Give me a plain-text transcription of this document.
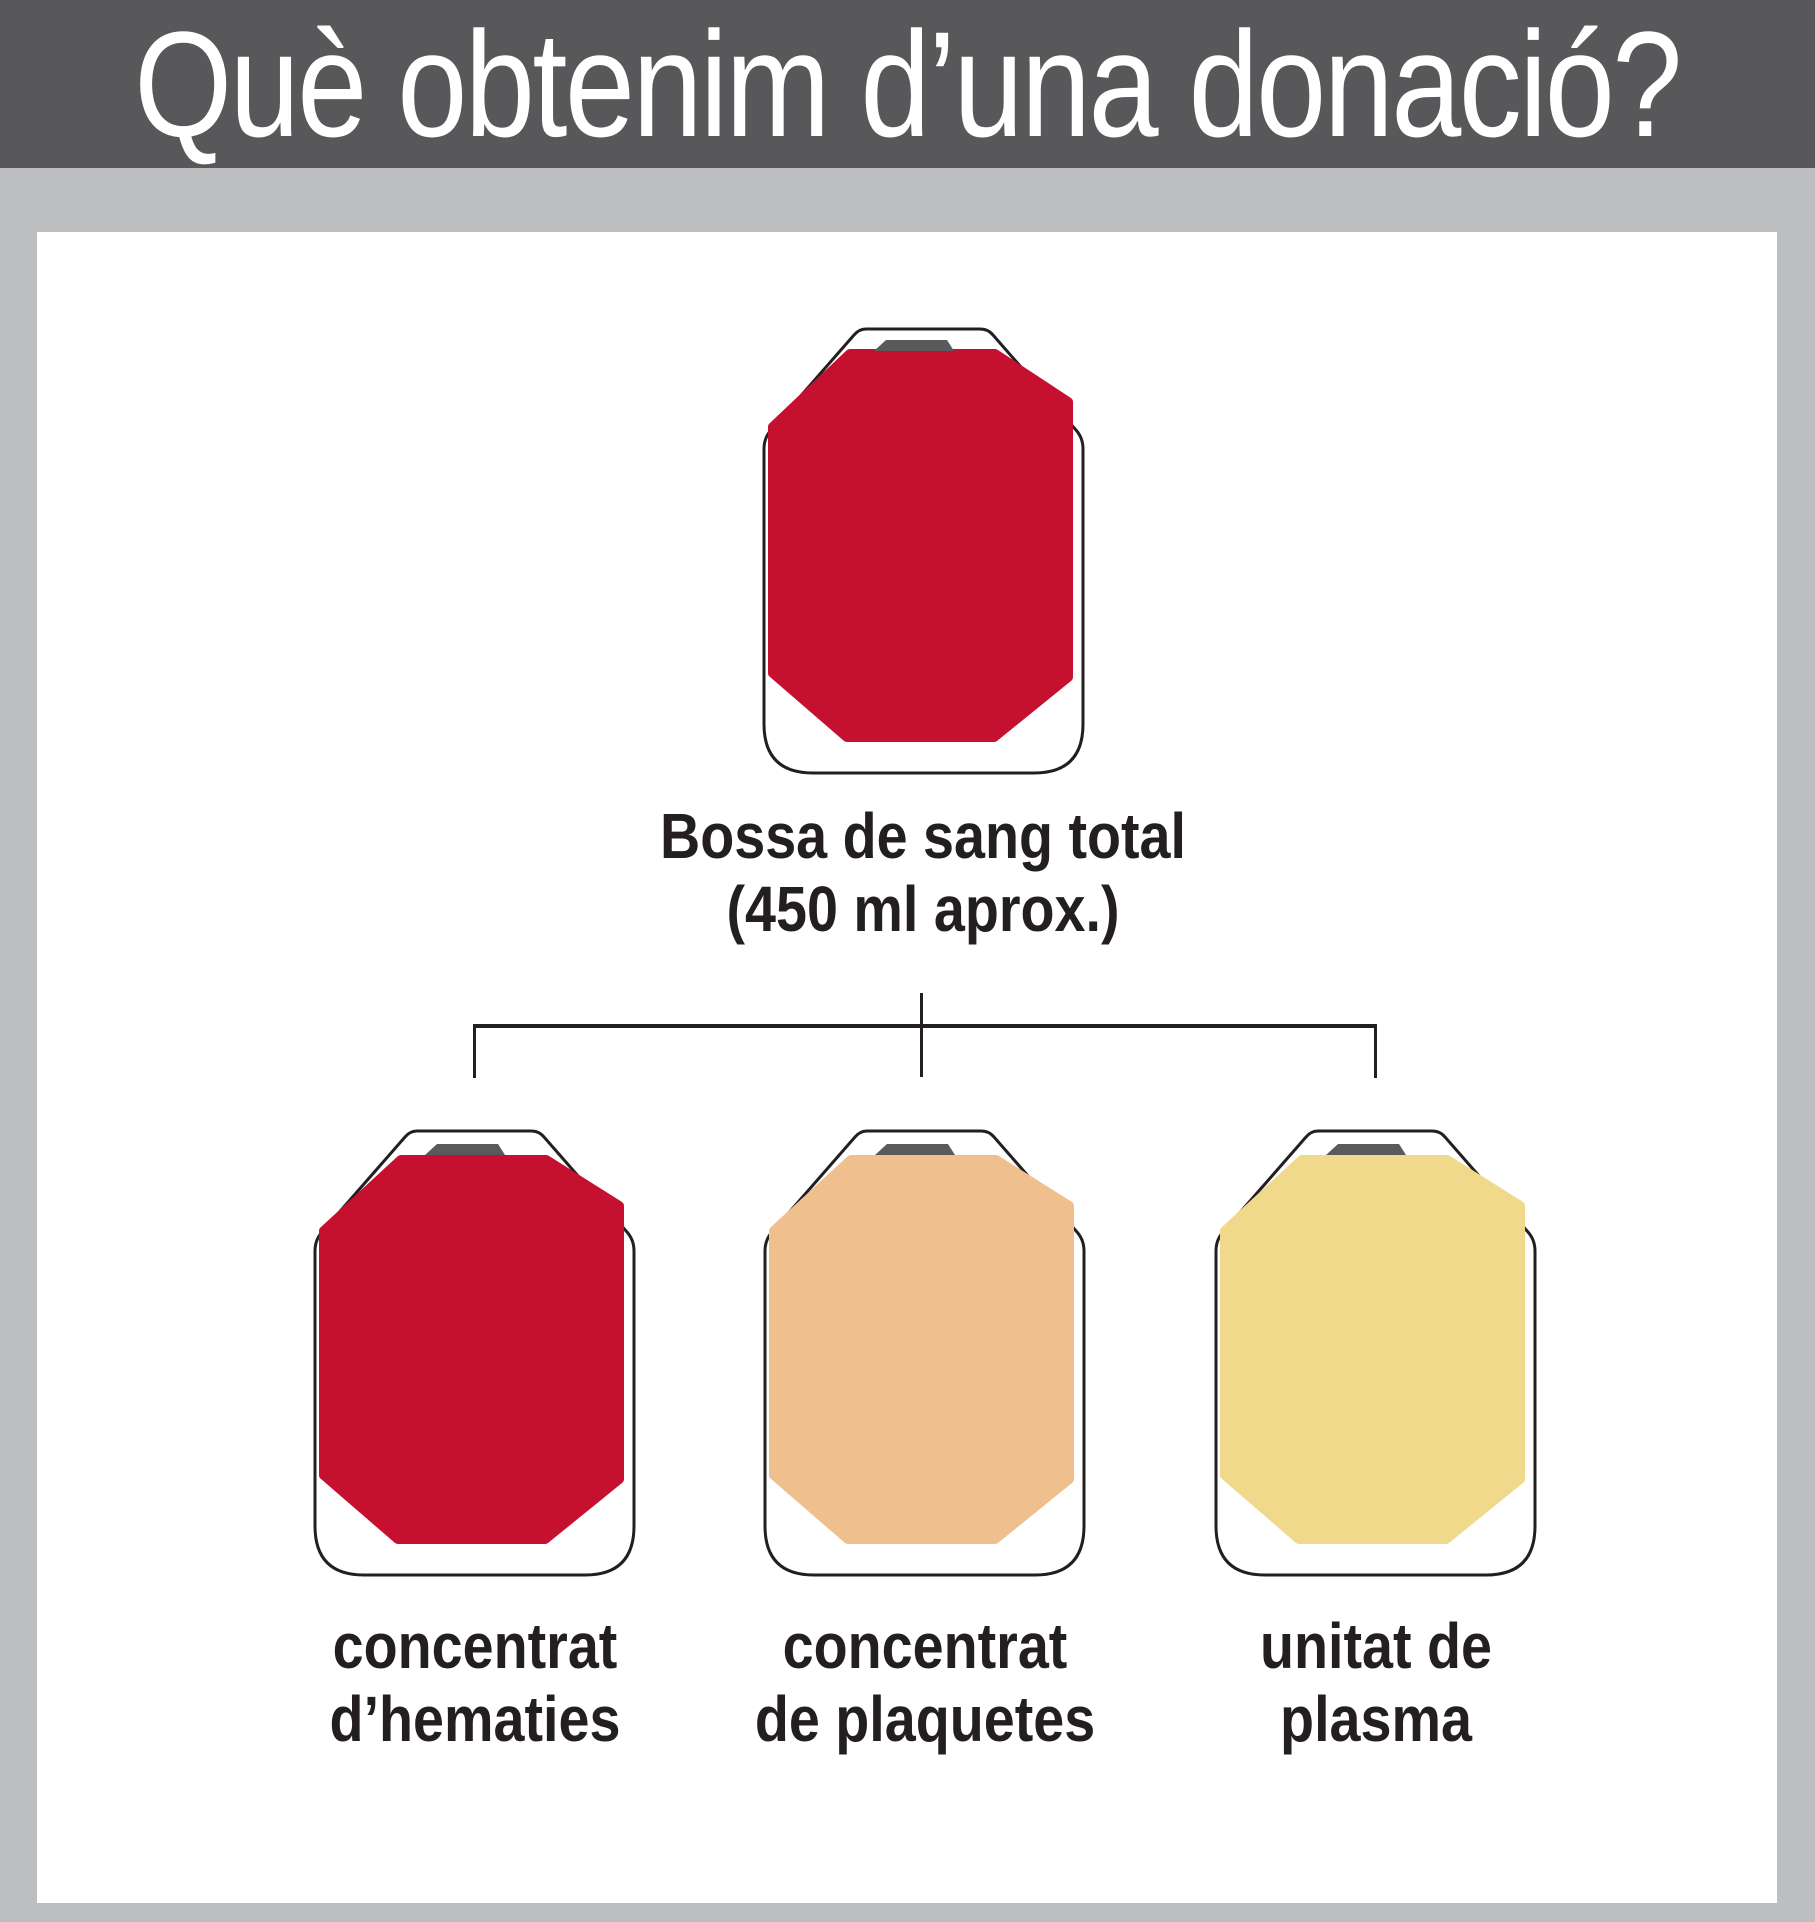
Què obtenim d’una donació?
Bossa de sang total
(450 ml aprox.)
concentrat
d’hematies
concentrat
de plaquetes
unitat de
plasma
